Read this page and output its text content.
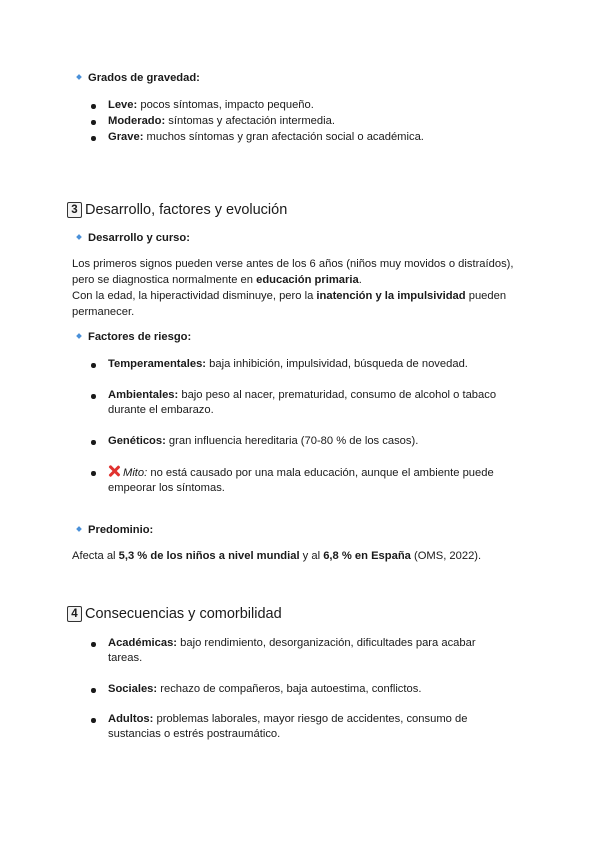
Grados de gravedad:
Leve: pocos síntomas, impacto pequeño.
Moderado: síntomas y afectación intermedia.
Grave: muchos síntomas y gran afectación social o académica.
3 Desarrollo, factores y evolución
Desarrollo y curso:
Los primeros signos pueden verse antes de los 6 años (niños muy movidos o distraídos), pero se diagnostica normalmente en educación primaria.
Con la edad, la hiperactividad disminuye, pero la inatención y la impulsividad pueden permanecer.
Factores de riesgo:
Temperamentales: baja inhibición, impulsividad, búsqueda de novedad.
Ambientales: bajo peso al nacer, prematuridad, consumo de alcohol o tabaco durante el embarazo.
Genéticos: gran influencia hereditaria (70-80 % de los casos).
Mito: no está causado por una mala educación, aunque el ambiente puede empeorar los síntomas.
Predominio:
Afecta al 5,3 % de los niños a nivel mundial y al 6,8 % en España (OMS, 2022).
4 Consecuencias y comorbilidad
Académicas: bajo rendimiento, desorganización, dificultades para acabar tareas.
Sociales: rechazo de compañeros, baja autoestima, conflictos.
Adultos: problemas laborales, mayor riesgo de accidentes, consumo de sustancias o estrés postraumático.
